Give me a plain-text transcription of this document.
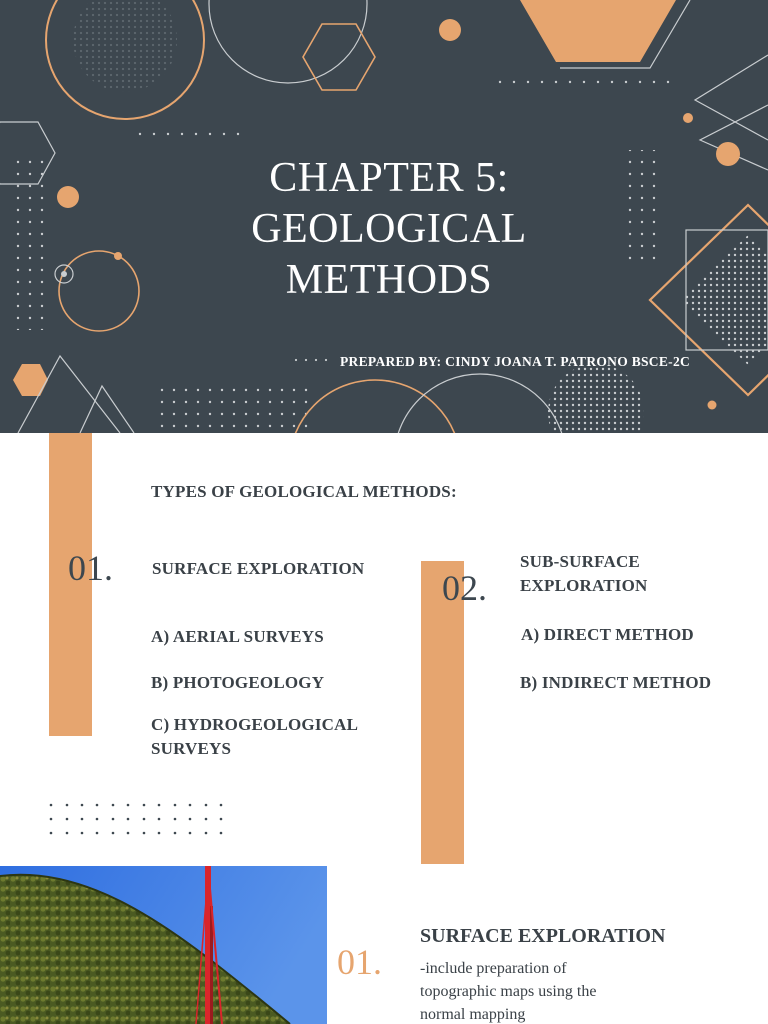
CHAPTER 5:
GEOLOGICAL
METHODS
PREPARED BY: CINDY JOANA T. PATRONO BSCE-2C
TYPES OF GEOLOGICAL METHODS:
01. SURFACE EXPLORATION
A) AERIAL SURVEYS
B) PHOTOGEOLOGY
C) HYDROGEOLOGICAL SURVEYS
02.
SUB-SURFACE EXPLORATION
A) DIRECT METHOD
B) INDIRECT METHOD
01.
SURFACE EXPLORATION
-include preparation of topographic maps using the normal mapping
